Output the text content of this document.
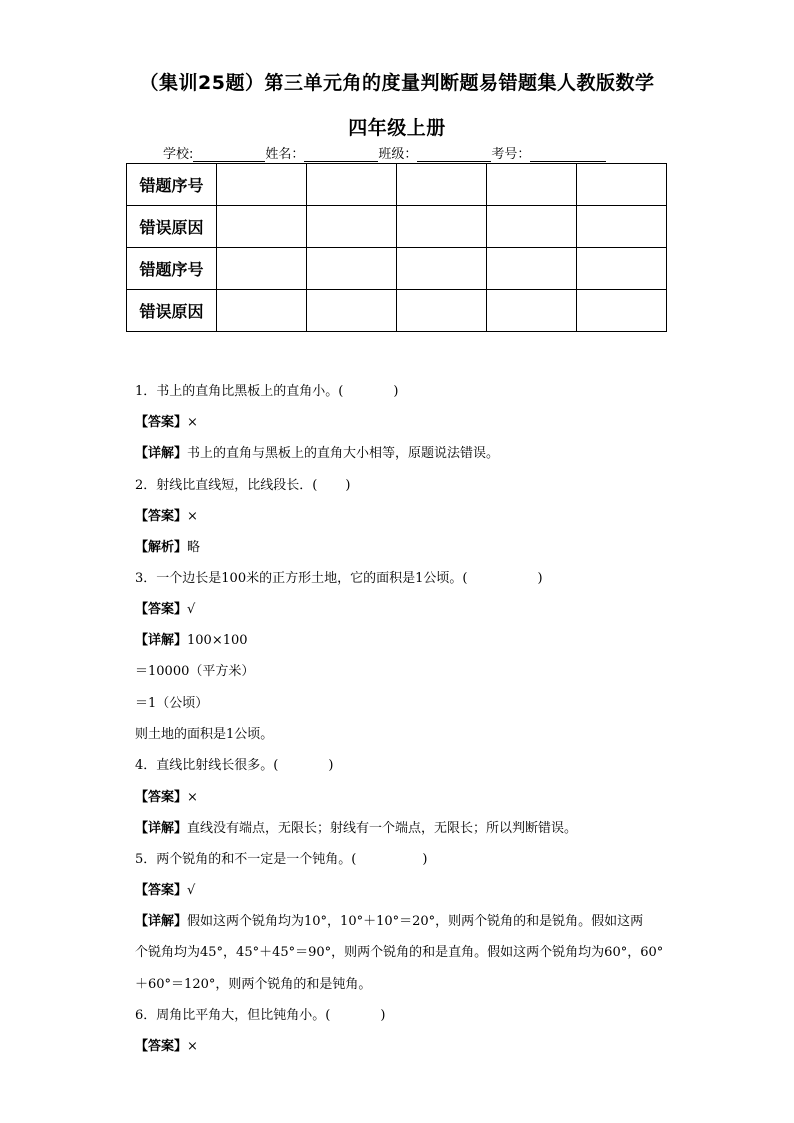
（集训25题）第三单元角的度量判断题易错题集人教版数学
四年级上册
学校:	姓名：	班级：	考号：
错题序号					
错误原因					
错题序号					
错误原因					
1．书上的直角比黑板上的直角小。(	)
【答案】×
【详解】书上的直角与黑板上的直角大小相等，原题说法错误。
2．射线比直线短，比线段长．( )
【答案】×
【解析】略
3．一个边长是100米的正方形土地，它的面积是1公顷。(	)
【答案】√
【详解】100×100
＝10000（平方米）
＝1（公顷）
则土地的面积是1公顷。
4．直线比射线长很多。(	)
【答案】×
【详解】直线没有端点，无限长；射线有一个端点，无限长；所以判断错误。
5．两个锐角的和不一定是一个钝角。(	)
【答案】√
【详解】假如这两个锐角均为10°，10°＋10°＝20°，则两个锐角的和是锐角。假如这两
个锐角均为45°，45°＋45°＝90°，则两个锐角的和是直角。假如这两个锐角均为60°，60°
＋60°＝120°，则两个锐角的和是钝角。
6．周角比平角大，但比钝角小。(	)
【答案】×
